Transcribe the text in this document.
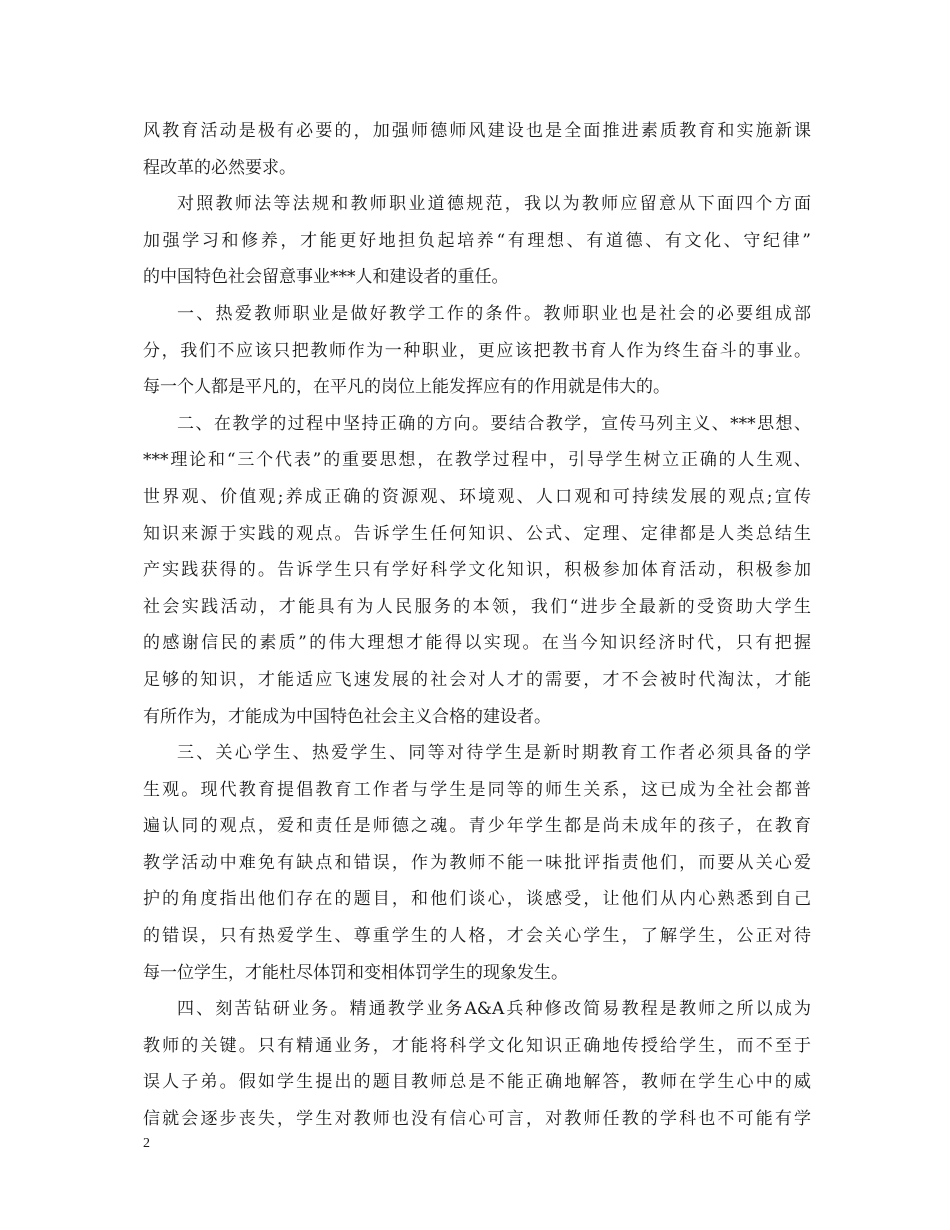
风教育活动是极有必要的，加强师德师风建设也是全面推进素质教育和实施新课
程改革的必然要求。
对照教师法等法规和教师职业道德规范，我以为教师应留意从下面四个方面
加强学习和修养，才能更好地担负起培养“有理想、有道德、有文化、守纪律”
的中国特色社会留意事业***人和建设者的重任。
一、热爱教师职业是做好教学工作的条件。教师职业也是社会的必要组成部
分，我们不应该只把教师作为一种职业，更应该把教书育人作为终生奋斗的事业。
每一个人都是平凡的，在平凡的岗位上能发挥应有的作用就是伟大的。
二、在教学的过程中坚持正确的方向。要结合教学，宣传马列主义、***思想、
***理论和“三个代表”的重要思想，在教学过程中，引导学生树立正确的人生观、
世界观、价值观;养成正确的资源观、环境观、人口观和可持续发展的观点;宣传
知识来源于实践的观点。告诉学生任何知识、公式、定理、定律都是人类总结生
产实践获得的。告诉学生只有学好科学文化知识，积极参加体育活动，积极参加
社会实践活动，才能具有为人民服务的本领，我们“进步全最新的受资助大学生
的感谢信民的素质”的伟大理想才能得以实现。在当今知识经济时代，只有把握
足够的知识，才能适应飞速发展的社会对人才的需要，才不会被时代淘汰，才能
有所作为，才能成为中国特色社会主义合格的建设者。
三、关心学生、热爱学生、同等对待学生是新时期教育工作者必须具备的学
生观。现代教育提倡教育工作者与学生是同等的师生关系，这已成为全社会都普
遍认同的观点，爱和责任是师德之魂。青少年学生都是尚未成年的孩子，在教育
教学活动中难免有缺点和错误，作为教师不能一味批评指责他们，而要从关心爱
护的角度指出他们存在的题目，和他们谈心，谈感受，让他们从内心熟悉到自己
的错误，只有热爱学生、尊重学生的人格，才会关心学生，了解学生，公正对待
每一位学生，才能杜尽体罚和变相体罚学生的现象发生。
四、刻苦钻研业务。精通教学业务A&A兵种修改简易教程是教师之所以成为
教师的关键。只有精通业务，才能将科学文化知识正确地传授给学生，而不至于
误人子弟。假如学生提出的题目教师总是不能正确地解答，教师在学生心中的威
信就会逐步丧失，学生对教师也没有信心可言，对教师任教的学科也不可能有学
2
